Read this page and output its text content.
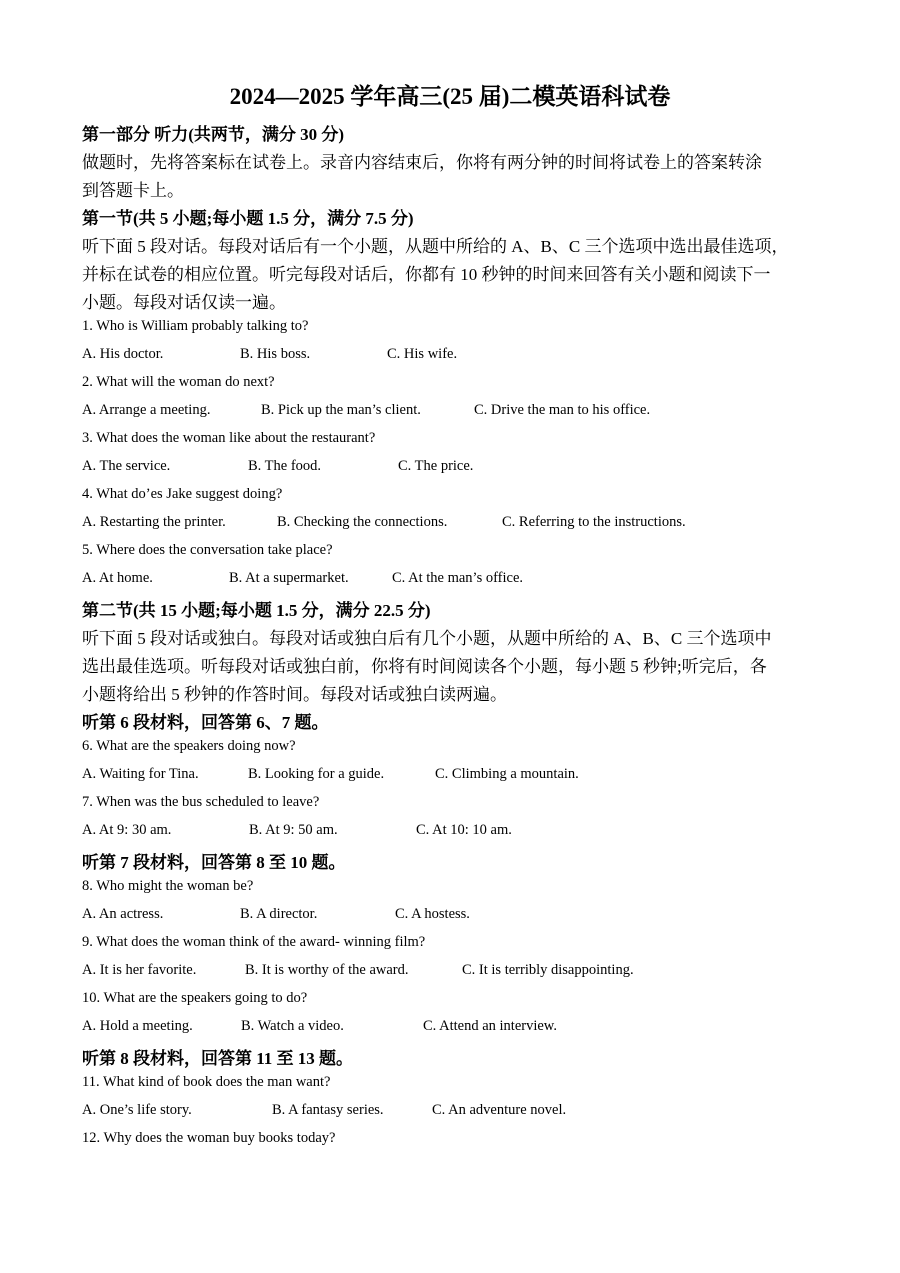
2024—2025 学年高三(25 届)二模英语科试卷
第一部分 听力(共两节，满分 30 分)
做题时，先将答案标在试卷上。录音内容结束后，你将有两分钟的时间将试卷上的答案转涂
到答题卡上。
第一节(共 5 小题;每小题 1.5 分，满分 7.5 分)
听下面 5 段对话。每段对话后有一个小题，从题中所给的 A、B、C 三个选项中选出最佳选项，
并标在试卷的相应位置。听完每段对话后，你都有 10 秒钟的时间来回答有关小题和阅读下一
小题。每段对话仅读一遍。
1. Who is William probably talking to?
A. His doctor.	B. His boss.	C. His wife.
2. What will the woman do next?
A. Arrange a meeting.	B. Pick up the man’s client.	C. Drive the man to his office.
3. What does the woman like about the restaurant?
A. The service.	B. The food.	C. The price.
4. What do’es Jake suggest doing?
A. Restarting the printer.	B. Checking the connections.	C. Referring to the instructions.
5. Where does the conversation take place?
A. At home.	B. At a supermarket.	C. At the man’s office.
第二节(共 15 小题;每小题 1.5 分，满分 22.5 分)
听下面 5 段对话或独白。每段对话或独白后有几个小题，从题中所给的 A、B、C 三个选项中
选出最佳选项。听每段对话或独白前，你将有时间阅读各个小题，每小题 5 秒钟;听完后，各
小题将给出 5 秒钟的作答时间。每段对话或独白读两遍。
听第 6 段材料，回答第 6、7 题。
6. What are the speakers doing now?
A. Waiting for Tina.	B. Looking for a guide.	C. Climbing a mountain.
7. When was the bus scheduled to leave?
A. At 9: 30 am.	B. At 9: 50 am.	C. At 10: 10 am.
听第 7 段材料，回答第 8 至 10 题。
8. Who might the woman be?
A. An actress.	B. A director.	C. A hostess.
9. What does the woman think of the award- winning film?
A. It is her favorite.	B. It is worthy of the award.	C. It is terribly disappointing.
10. What are the speakers going to do?
A. Hold a meeting.	B. Watch a video.	C. Attend an interview.
听第 8 段材料，回答第 11 至 13 题。
11. What kind of book does the man want?
A. One’s life story.	B. A fantasy series.	C. An adventure novel.
12. Why does the woman buy books today?
